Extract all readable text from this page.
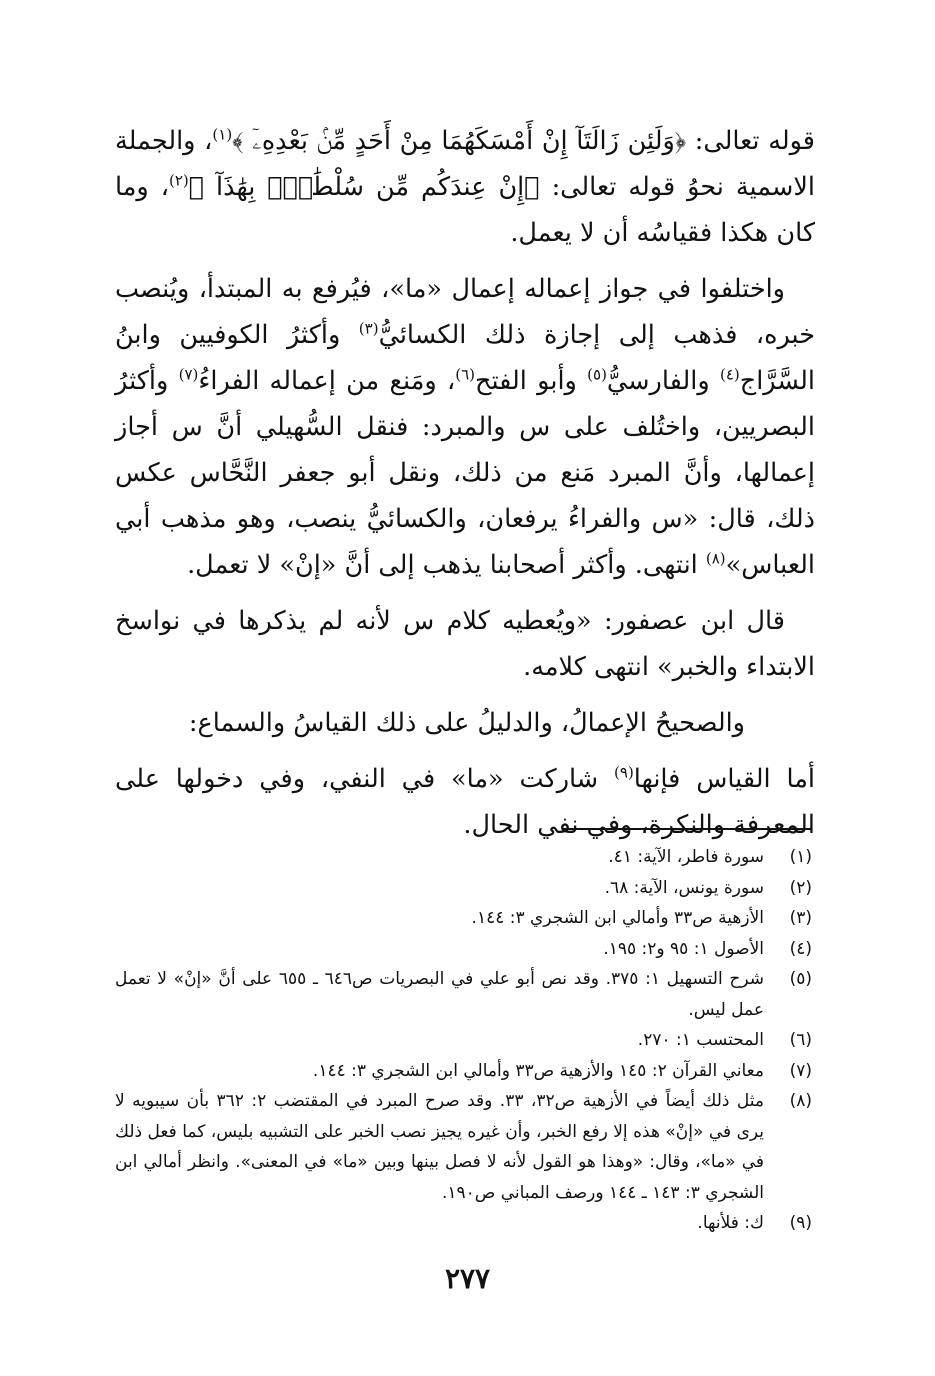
قوله تعالى: ﴿وَلَئِن زَالَتَآ إِنْ أَمْسَكَهُمَا مِنْ أَحَدٍ مِّنۢ بَعْدِهِۦٓ ﴾$^{(١)}$، والجملة الاسمية نحوُ قوله تعالى: ﴿إِنْ عِندَكُم مِّن سُلْطَٰنٍۭ بِهَٰذَآ ﴾$^{(٢)}$، وما كان هكذا فقياسُه أن لا يعمل.

واختلفوا في جواز إعماله إعمال «ما»، فيُرفع به المبتدأ، ويُنصب خبره، فذهب إلى إجازة ذلك الكسائيُّ$^{(٣)}$ وأكثرُ الكوفيين وابنُ السَّرَّاج$^{(٤)}$ والفارسيُّ$^{(٥)}$ وأبو الفتح$^{(٦)}$، ومَنع من إعماله الفراءُ$^{(٧)}$ وأكثرُ البصريين، واختُلف على س والمبرد: فنقل السُّهيلي أنَّ س أجاز إعمالها، وأنَّ المبرد مَنع من ذلك، ونقل أبو جعفر النَّحَّاس عكس ذلك، قال: «س والفراءُ يرفعان، والكسائيُّ ينصب، وهو مذهب أبي العباس»$^{(٨)}$ انتهى. وأكثر أصحابنا يذهب إلى أنَّ «إنْ» لا تعمل.

قال ابن عصفور: «ويُعطيه كلام س لأنه لم يذكرها في نواسخ الابتداء والخبر» انتهى كلامه.

والصحيحُ الإعمالُ، والدليلُ على ذلك القياسُ والسماع:

أما القياس فإنها$^{(٩)}$ شاركت «ما» في النفي، وفي دخولها على المعرفة والنكرة، وفي نفي الحال.

(١)
سورة فاطر، الآية: ٤١.
(٢)
سورة يونس، الآية: ٦٨.
(٣)
الأزهية ص٣٣ وأمالي ابن الشجري ٣: ١٤٤.
(٤)
الأصول ١: ٩٥ و٢: ١٩٥.
(٥)
شرح التسهيل ١: ٣٧٥. وقد نص أبو علي في البصريات ص٦٤٦ ـ ٦٥٥ على أنَّ «إنْ» لا تعمل عمل ليس.
(٦)
المحتسب ١: ٢٧٠.
(٧)
معاني القرآن ٢: ١٤٥ والأزهية ص٣٣ وأمالي ابن الشجري ٣: ١٤٤.
(٨)
مثل ذلك أيضاً في الأزهية ص٣٢، ٣٣. وقد صرح المبرد في المقتضب ٢: ٣٦٢ بأن سيبويه لا يرى في «إنْ» هذه إلا رفع الخبر، وأن غيره يجيز نصب الخبر على التشبيه بليس، كما فعل ذلك في «ما»، وقال: «وهذا هو القول لأنه لا فصل بينها وبين «ما» في المعنى». وانظر أمالي ابن الشجري ٣: ١٤٣ ـ ١٤٤ ورصف المباني ص١٩٠.
(٩)
ك: فلأنها.
٢٧٧
